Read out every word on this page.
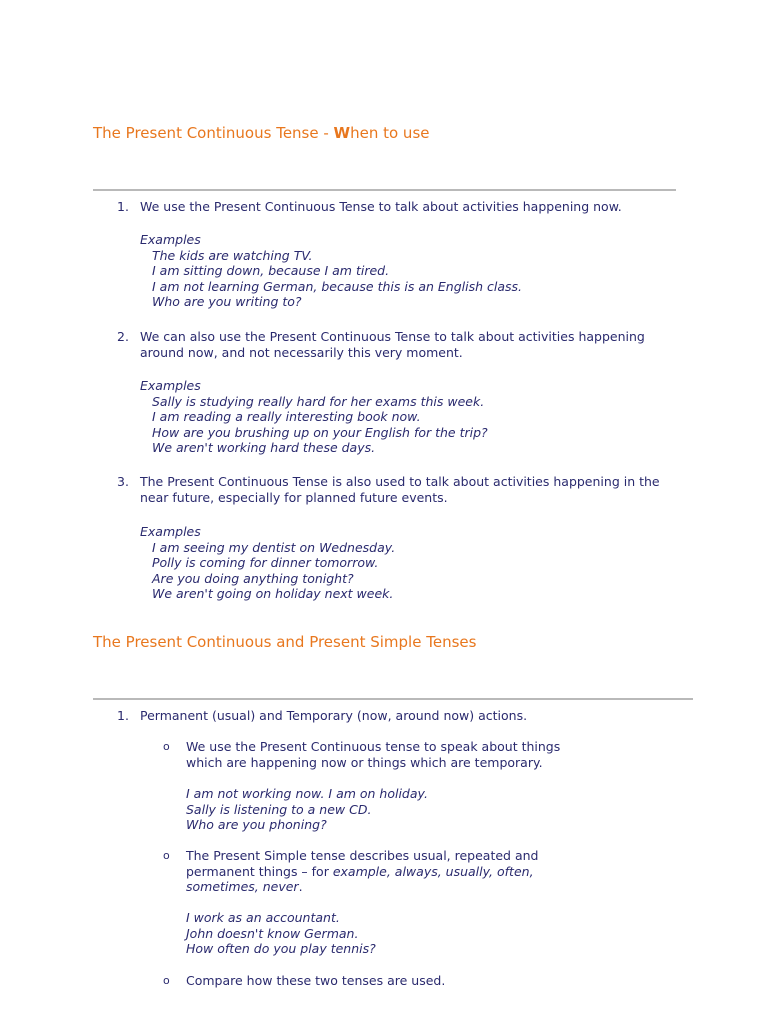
The Present Continuous Tense - When to use
1. We use the Present Continuous Tense to talk about activities happening now.
Examples
The kids are watching TV.
I am sitting down, because I am tired.
I am not learning German, because this is an English class.
Who are you writing to?
2. We can also use the Present Continuous Tense to talk about activities happening
around now, and not necessarily this very moment.
Examples
Sally is studying really hard for her exams this week.
I am reading a really interesting book now.
How are you brushing up on your English for the trip?
We aren't working hard these days.
3. The Present Continuous Tense is also used to talk about activities happening in the
near future, especially for planned future events.
Examples
I am seeing my dentist on Wednesday.
Polly is coming for dinner tomorrow.
Are you doing anything tonight?
We aren't going on holiday next week.
The Present Continuous and Present Simple Tenses
1. Permanent (usual) and Temporary (now, around now) actions.
o We use the Present Continuous tense to speak about things
which are happening now or things which are temporary.
I am not working now. I am on holiday.
Sally is listening to a new CD.
Who are you phoning?
o The Present Simple tense describes usual, repeated and
permanent things – for example, always, usually, often,
sometimes, never.
I work as an accountant.
John doesn't know German.
How often do you play tennis?
o Compare how these two tenses are used.
